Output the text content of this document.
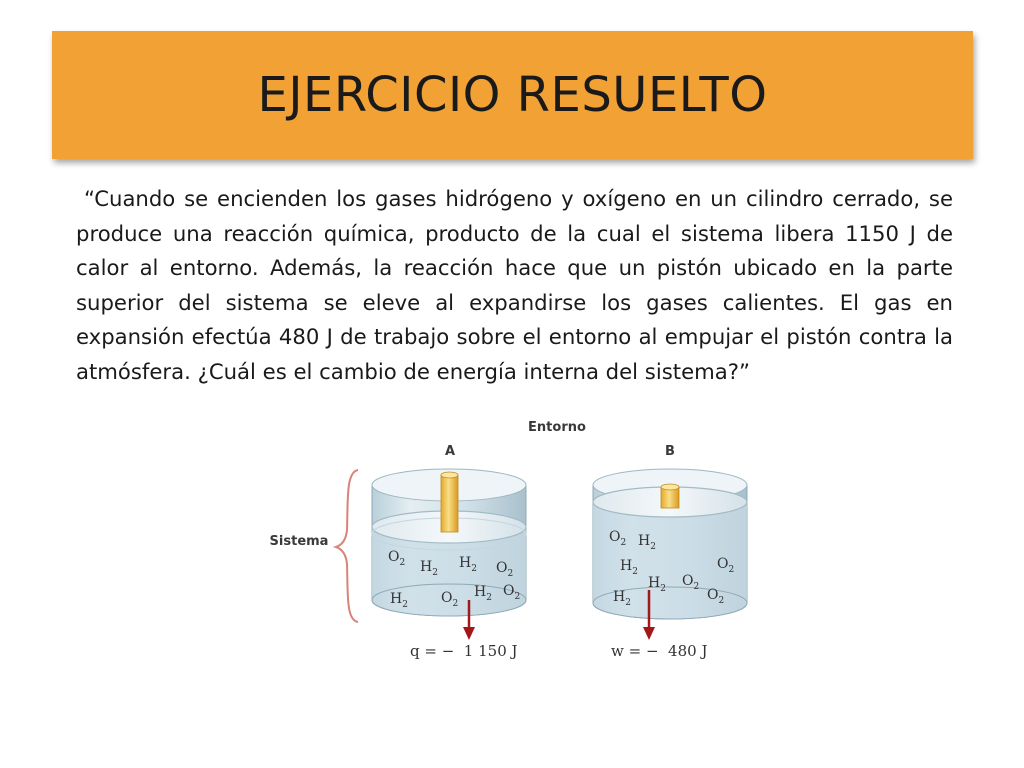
EJERCICIO RESUELTO

“Cuando se encienden los gases hidrógeno y oxígeno en un cilindro cerrado, se produce una reacción química, producto de la cual el sistema libera 1150 J de calor al entorno. Además, la reacción hace que un pistón ubicado en la parte superior del sistema se eleve al expandirse los gases calientes. El gas en expansión efectúa 480 J de trabajo sobre el entorno al empujar el pistón contra la atmósfera. ¿Cuál es el cambio de energía interna del sistema?”

Entorno
A	B
Sistema
$O_2$ $H_2$
$H_2$ $O_2$
$H_2$ $O_2$
$H_2$ $O_2$
q = −  1 150 J
$O_2$ $H_2$
$O_2$
$H_2$
$H_2$ $O_2$
$H_2$	$O_2$
w = −  480 J
